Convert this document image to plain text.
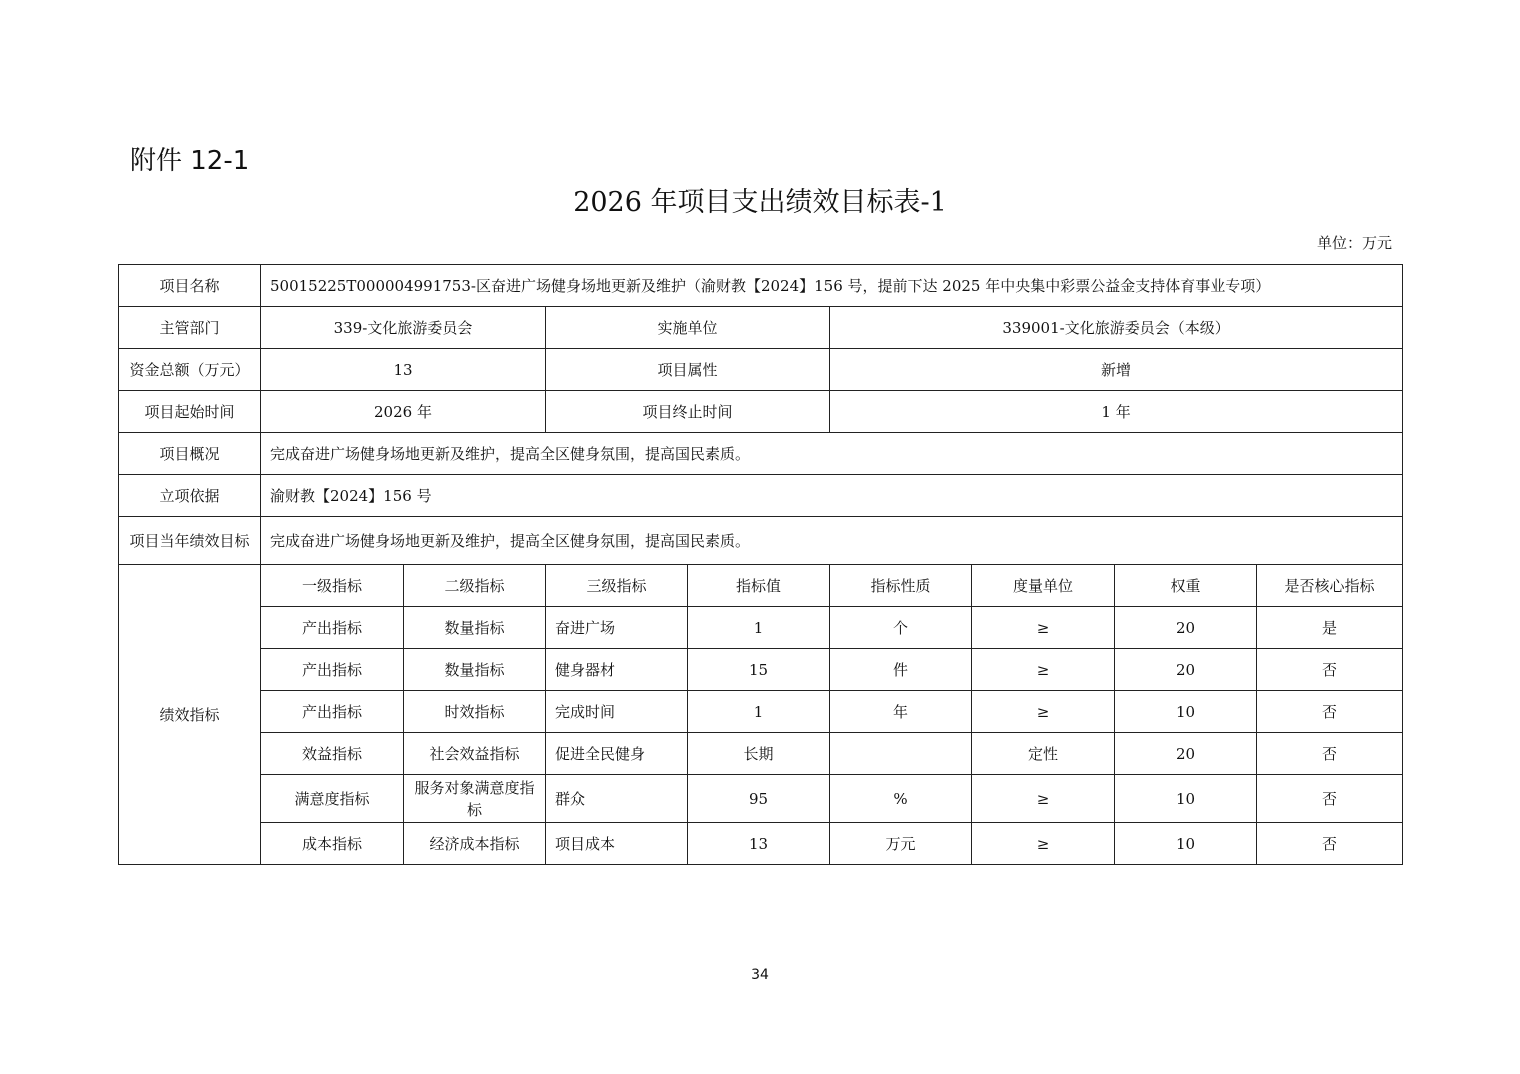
附件 12-1
2026 年项目支出绩效目标表-1
单位：万元
项目名称	50015225T000004991753-区奋进广场健身场地更新及维护（渝财教【2024】156 号，提前下达 2025 年中央集中彩票公益金支持体育事业专项）							
主管部门	339-文化旅游委员会		实施单位		339001-文化旅游委员会（本级）			
资金总额（万元）	13		项目属性		新增			
项目起始时间	2026 年		项目终止时间		1 年			
项目概况	完成奋进广场健身场地更新及维护，提高全区健身氛围，提高国民素质。							
立项依据	渝财教【2024】156 号							
项目当年绩效目标	完成奋进广场健身场地更新及维护，提高全区健身氛围，提高国民素质。							
绩效指标	一级指标	二级指标	三级指标	指标值	指标性质	度量单位	权重	是否核心指标
	产出指标	数量指标	奋进广场	1	个	≥	20	是
	产出指标	数量指标	健身器材	15	件	≥	20	否
	产出指标	时效指标	完成时间	1	年	≥	10	否
	效益指标	社会效益指标	促进全民健身	长期		定性	20	否
	满意度指标	服务对象满意度指标	群众	95	%	≥	10	否
	成本指标	经济成本指标	项目成本	13	万元	≥	10	否
34
